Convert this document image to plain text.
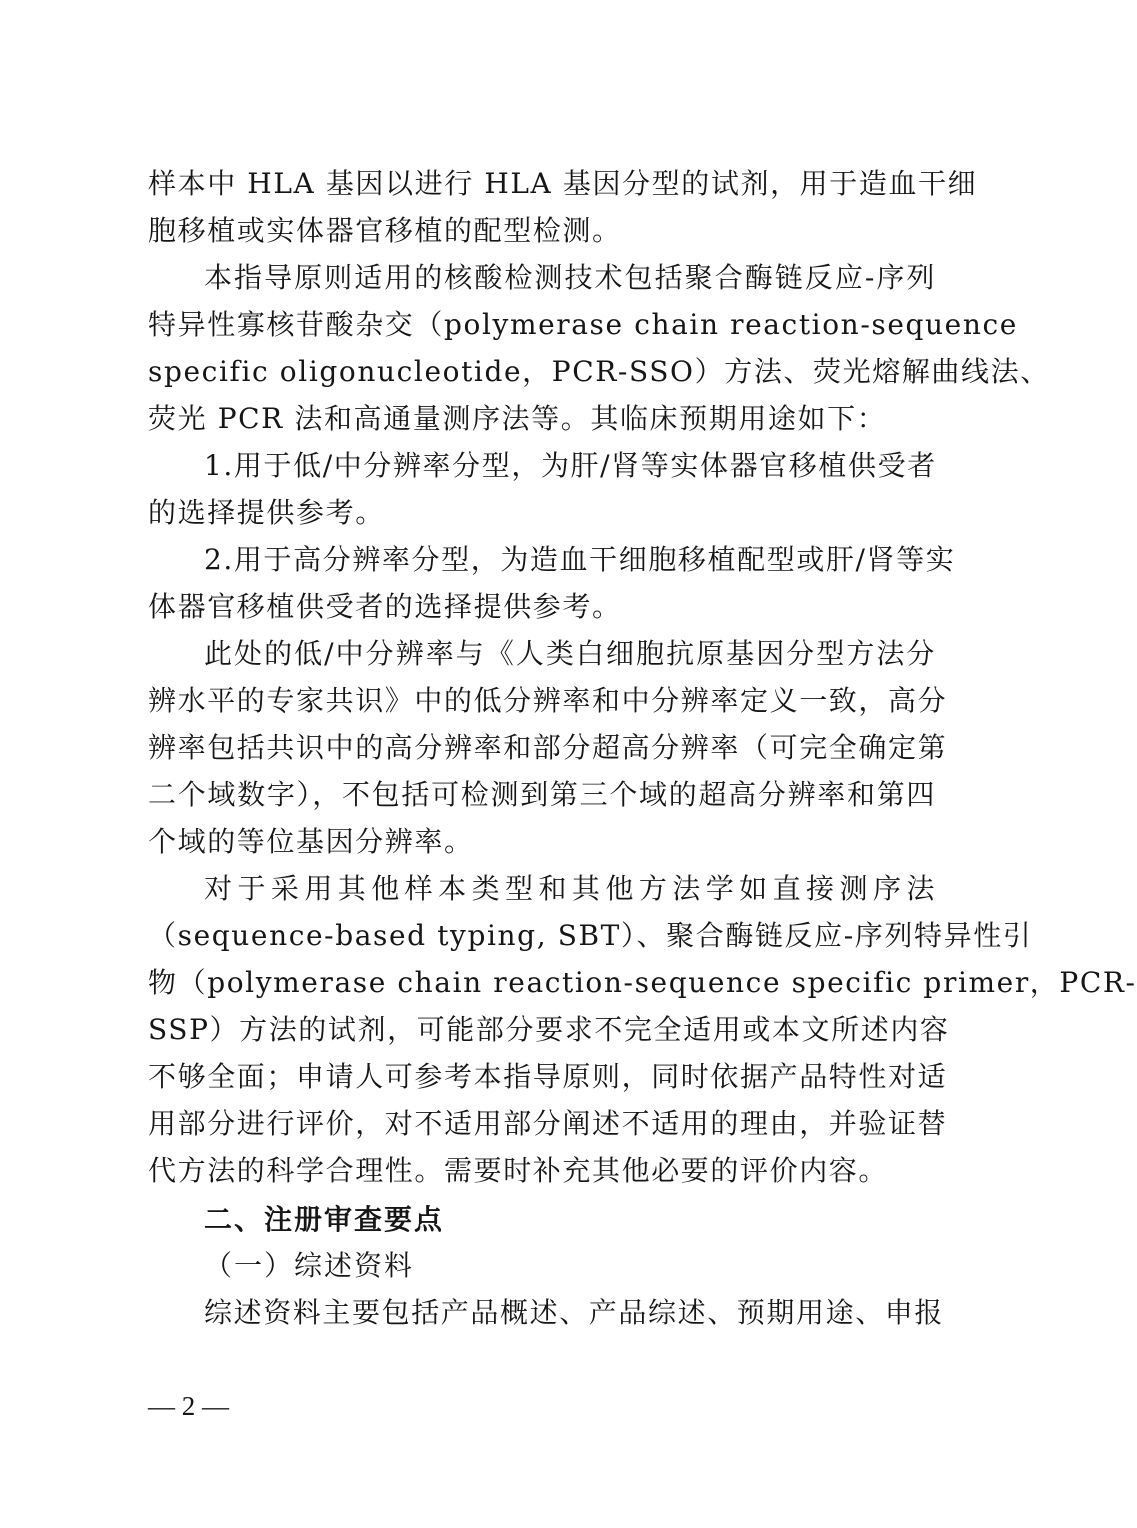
样本中 HLA 基因以进行 HLA 基因分型的试剂，用于造血干细
胞移植或实体器官移植的配型检测。
本指导原则适用的核酸检测技术包括聚合酶链反应-序列
特异性寡核苷酸杂交（polymerase chain reaction-sequence
specific oligonucleotide，PCR-SSO）方法、荧光熔解曲线法、
荧光 PCR 法和高通量测序法等。其临床预期用途如下：
1.用于低/中分辨率分型，为肝/肾等实体器官移植供受者
的选择提供参考。
2.用于高分辨率分型，为造血干细胞移植配型或肝/肾等实
体器官移植供受者的选择提供参考。
此处的低/中分辨率与《人类白细胞抗原基因分型方法分
辨水平的专家共识》中的低分辨率和中分辨率定义一致，高分
辨率包括共识中的高分辨率和部分超高分辨率（可完全确定第
二个域数字），不包括可检测到第三个域的超高分辨率和第四
个域的等位基因分辨率。
对于采用其他样本类型和其他方法学如直接测序法
（sequence-based typing, SBT）、聚合酶链反应-序列特异性引
物（polymerase chain reaction-sequence specific primer，PCR-
SSP）方法的试剂，可能部分要求不完全适用或本文所述内容
不够全面；申请人可参考本指导原则，同时依据产品特性对适
用部分进行评价，对不适用部分阐述不适用的理由，并验证替
代方法的科学合理性。需要时补充其他必要的评价内容。
二、注册审查要点
（一）综述资料
综述资料主要包括产品概述、产品综述、预期用途、申报
— 2 —
